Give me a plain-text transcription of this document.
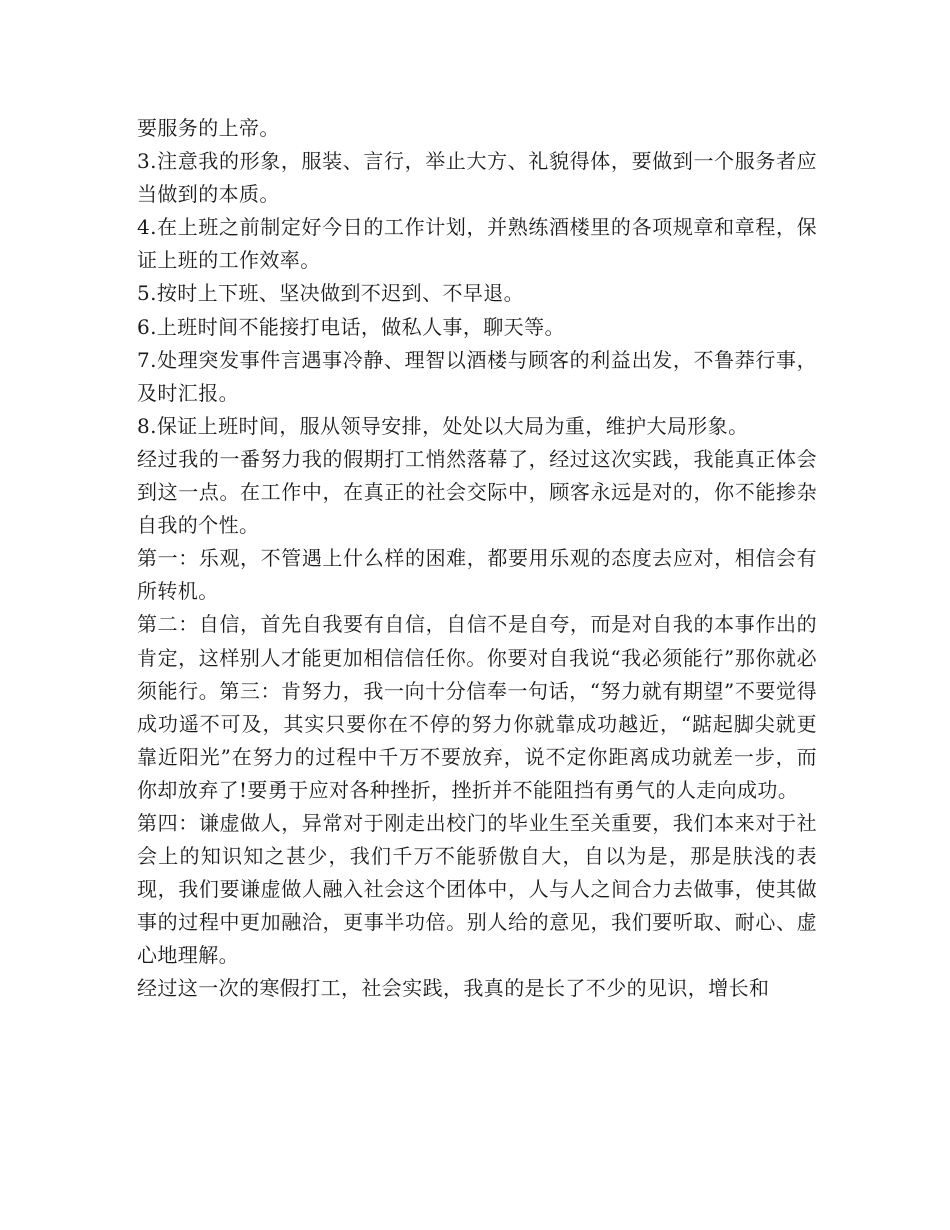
要服务的上帝。

3.注意我的形象，服装、言行，举止大方、礼貌得体，要做到一个服务者应当做到的本质。

4.在上班之前制定好今日的工作计划，并熟练酒楼里的各项规章和章程，保证上班的工作效率。

5.按时上下班、坚决做到不迟到、不早退。

6.上班时间不能接打电话，做私人事，聊天等。

7.处理突发事件言遇事冷静、理智以酒楼与顾客的利益出发，不鲁莽行事，及时汇报。

8.保证上班时间，服从领导安排，处处以大局为重，维护大局形象。

经过我的一番努力我的假期打工悄然落幕了，经过这次实践，我能真正体会到这一点。在工作中，在真正的社会交际中，顾客永远是对的，你不能掺杂自我的个性。

第一：乐观，不管遇上什么样的困难，都要用乐观的态度去应对，相信会有所转机。

第二：自信，首先自我要有自信，自信不是自夸，而是对自我的本事作出的肯定，这样别人才能更加相信信任你。你要对自我说“我必须能行”那你就必须能行。第三：肯努力，我一向十分信奉一句话，“努力就有期望”不要觉得成功遥不可及，其实只要你在不停的努力你就靠成功越近，“踮起脚尖就更靠近阳光”在努力的过程中千万不要放弃，说不定你距离成功就差一步，而你却放弃了!要勇于应对各种挫折，挫折并不能阻挡有勇气的人走向成功。

第四：谦虚做人，异常对于刚走出校门的毕业生至关重要，我们本来对于社会上的知识知之甚少，我们千万不能骄傲自大，自以为是，那是肤浅的表现，我们要谦虚做人融入社会这个团体中，人与人之间合力去做事，使其做事的过程中更加融洽，更事半功倍。别人给的意见，我们要听取、耐心、虚心地理解。

经过这一次的寒假打工，社会实践，我真的是长了不少的见识，增长和
